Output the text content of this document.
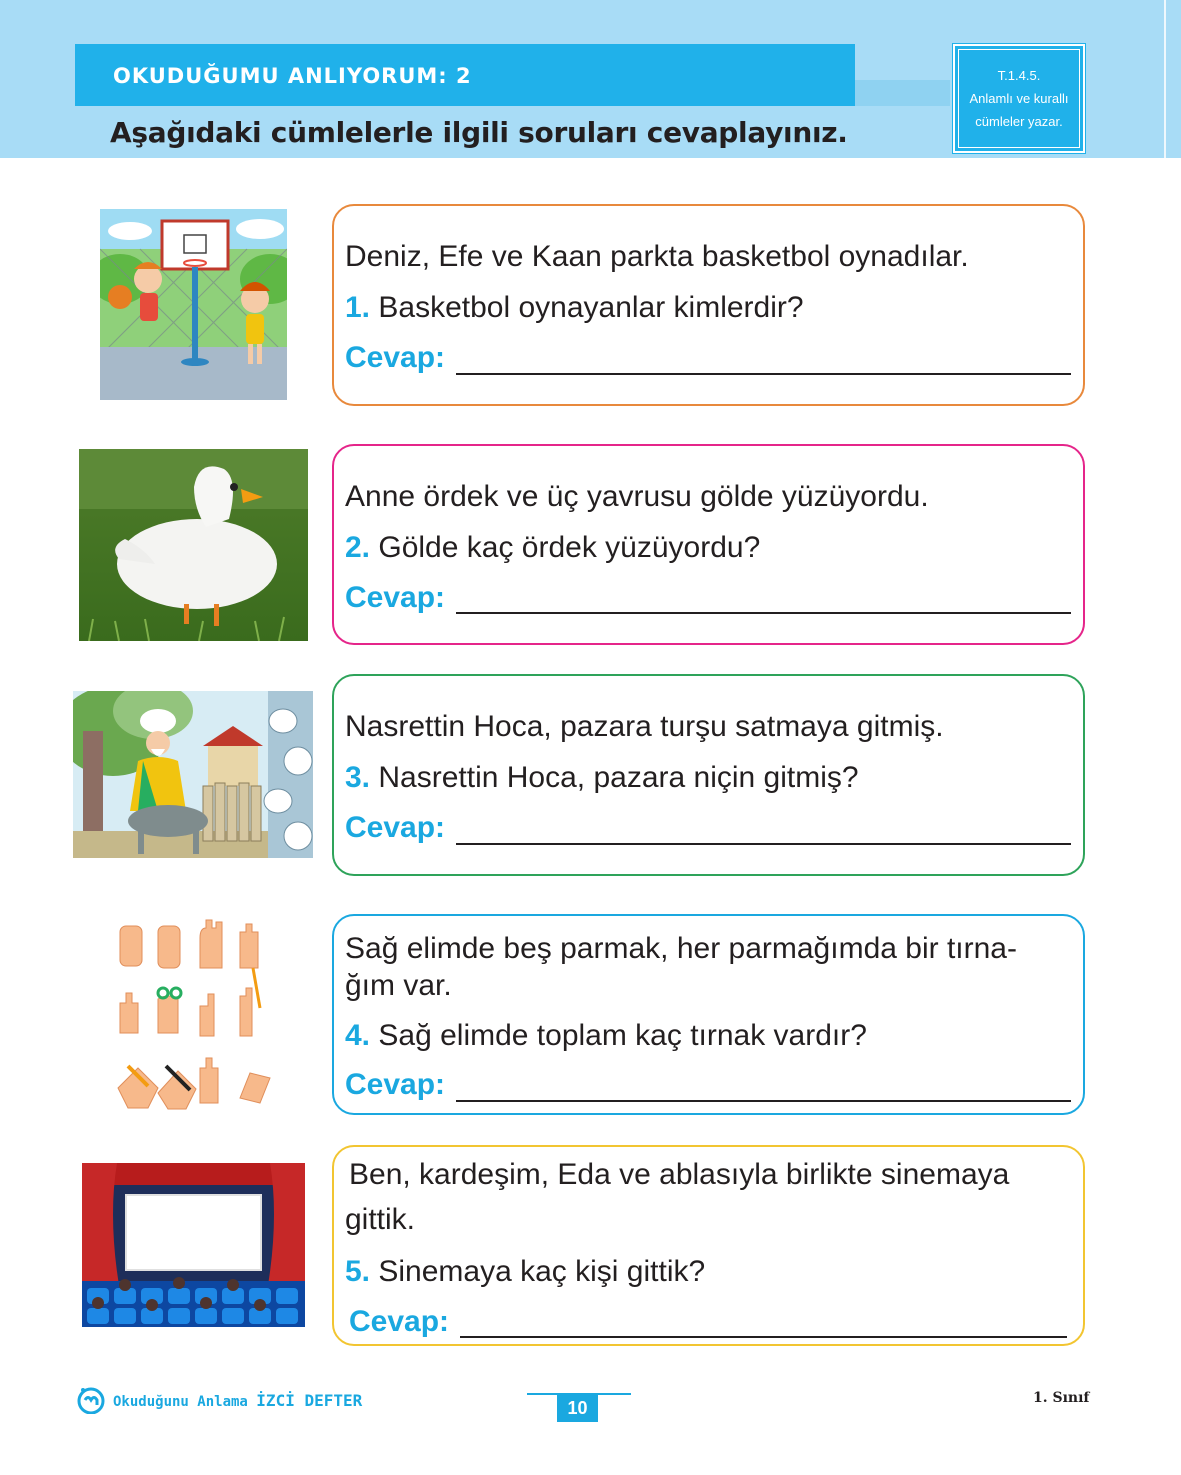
OKUDUĞUMU ANLIYORUM: 2
Aşağıdaki cümlelerle ilgili soruları cevaplayınız.
T.1.4.5.
Anlamlı ve kurallı
cümleler yazar.
Deniz, Efe ve Kaan parkta basketbol oynadılar.
1. Basketbol oynayanlar kimlerdir?
Cevap:
Anne ördek ve üç yavrusu gölde yüzüyordu.
2. Gölde kaç ördek yüzüyordu?
Cevap:
Nasrettin Hoca, pazara turşu satmaya gitmiş.
3. Nasrettin Hoca, pazara niçin gitmiş?
Cevap:
Sağ elimde beş parmak, her parmağımda bir tırna-
ğım var.
4. Sağ elimde toplam kaç tırnak vardır?
Cevap:
Ben, kardeşim, Eda ve ablasıyla birlikte sinemaya
gittik.
5. Sinemaya kaç kişi gittik?
Cevap:
Okuduğunu Anlama İZCİ DEFTER	10	1. Sınıf
